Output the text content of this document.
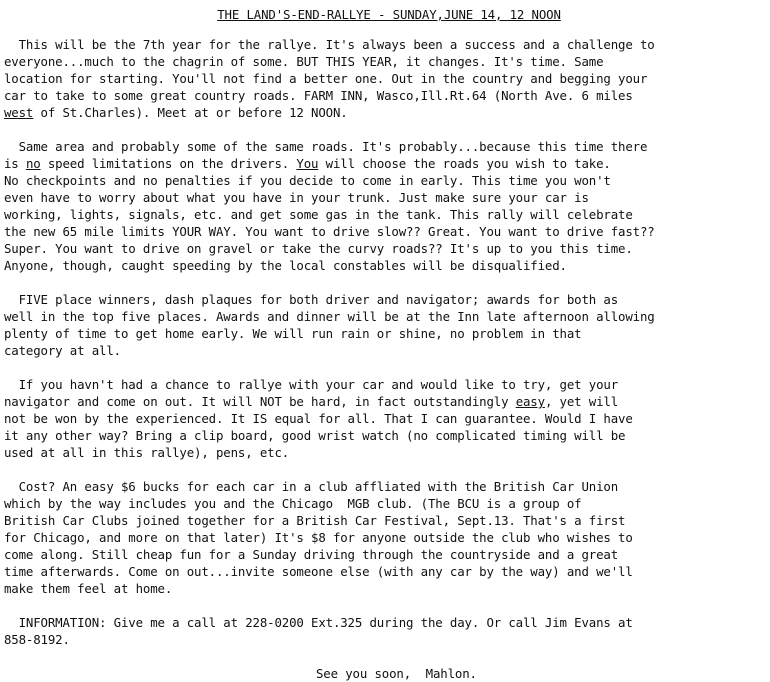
THE LAND'S-END-RALLYE - SUNDAY,JUNE 14, 12 NOON
This will be the 7th year for the rallye. It's always been a success and a challenge to
everyone...much to the chagrin of some. BUT THIS YEAR, it changes. It's time. Same
location for starting. You'll not find a better one. Out in the country and begging your
car to take to some great country roads. FARM INN, Wasco,Ill.Rt.64 (North Ave. 6 miles
west of St.Charles). Meet at or before 12 NOON.
Same area and probably some of the same roads. It's probably...because this time there
is no speed limitations on the drivers. You will choose the roads you wish to take.
No checkpoints and no penalties if you decide to come in early. This time you won't
even have to worry about what you have in your trunk. Just make sure your car is
working, lights, signals, etc. and get some gas in the tank. This rally will celebrate
the new 65 mile limits YOUR WAY. You want to drive slow?? Great. You want to drive fast??
Super. You want to drive on gravel or take the curvy roads?? It's up to you this time.
Anyone, though, caught speeding by the local constables will be disqualified.
FIVE place winners, dash plaques for both driver and navigator; awards for both as
well in the top five places. Awards and dinner will be at the Inn late afternoon allowing
plenty of time to get home early. We will run rain or shine, no problem in that
category at all.
If you havn't had a chance to rallye with your car and would like to try, get your
navigator and come on out. It will NOT be hard, in fact outstandingly easy, yet will
not be won by the experienced. It IS equal for all. That I can guarantee. Would I have
it any other way? Bring a clip board, good wrist watch (no complicated timing will be
used at all in this rallye), pens, etc.
Cost? An easy $6 bucks for each car in a club affliated with the British Car Union
which by the way includes you and the Chicago  MGB club. (The BCU is a group of
British Car Clubs joined together for a British Car Festival, Sept.13. That's a first
for Chicago, and more on that later) It's $8 for anyone outside the club who wishes to
come along. Still cheap fun for a Sunday driving through the countryside and a great
time afterwards. Come on out...invite someone else (with any car by the way) and we'll
make them feel at home.
INFORMATION: Give me a call at 228-0200 Ext.325 during the day. Or call Jim Evans at
858-8192.
See you soon,  Mahlon.
